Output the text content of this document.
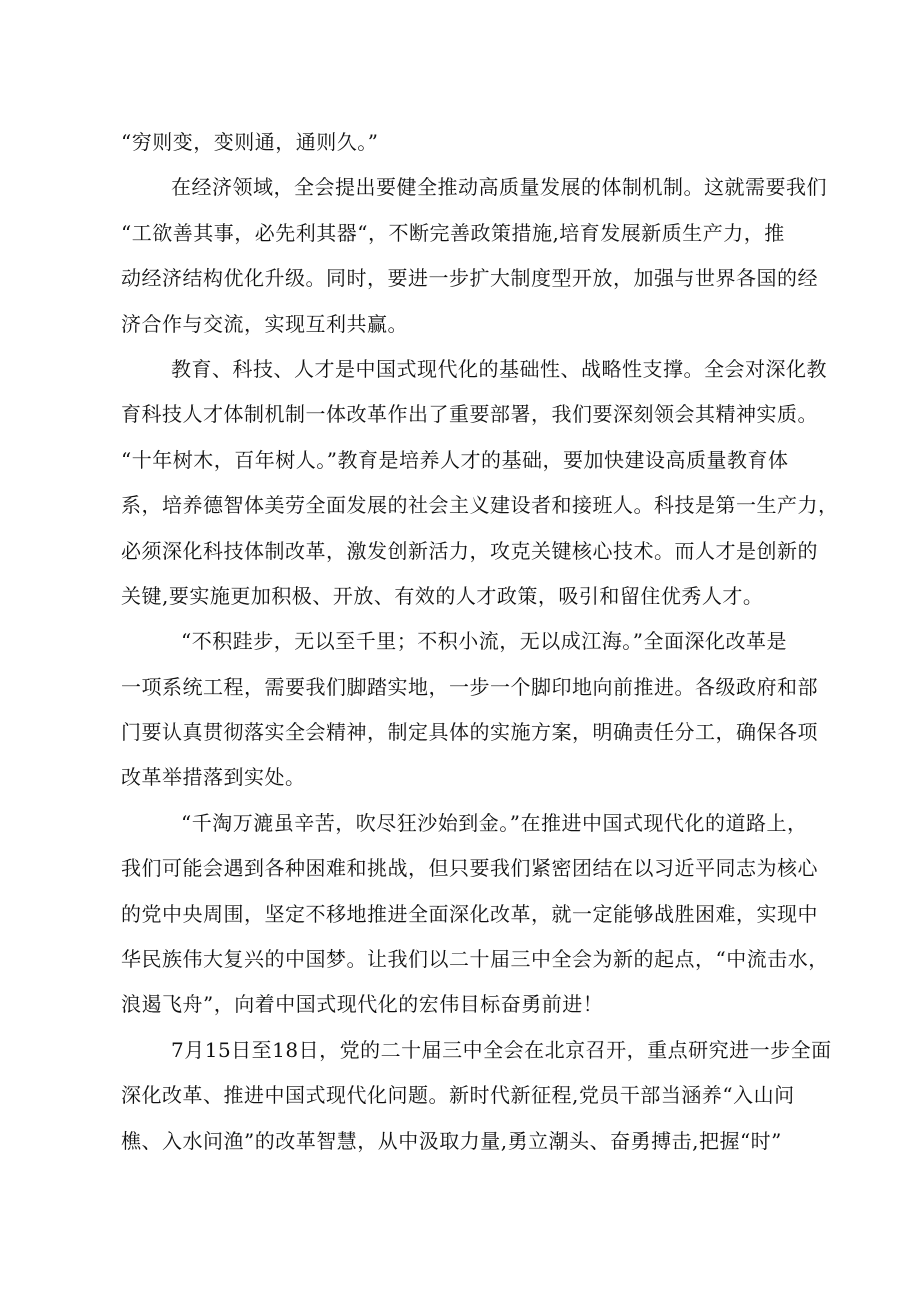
“穷则变，变则通，通则久。”
在经济领域，全会提出要健全推动高质量发展的体制机制。这就需要我们
“工欲善其事，必先利其器“，不断完善政策措施,培育发展新质生产力，推
动经济结构优化升级。同时，要进一步扩大制度型开放，加强与世界各国的经
济合作与交流，实现互利共赢。
教育、科技、人才是中国式现代化的基础性、战略性支撑。全会对深化教
育科技人才体制机制一体改革作出了重要部署，我们要深刻领会其精神实质。
“十年树木，百年树人。”教育是培养人才的基础，要加快建设高质量教育体
系，培养德智体美劳全面发展的社会主义建设者和接班人。科技是第一生产力，
必须深化科技体制改革，激发创新活力，攻克关键核心技术。而人才是创新的
关键,要实施更加积极、开放、有效的人才政策，吸引和留住优秀人才。
“不积跬步，无以至千里；不积小流，无以成江海。”全面深化改革是
一项系统工程，需要我们脚踏实地，一步一个脚印地向前推进。各级政府和部
门要认真贯彻落实全会精神，制定具体的实施方案，明确责任分工，确保各项
改革举措落到实处。
“千淘万漉虽辛苦，吹尽狂沙始到金。”在推进中国式现代化的道路上，
我们可能会遇到各种困难和挑战，但只要我们紧密团结在以习近平同志为核心
的党中央周围，坚定不移地推进全面深化改革，就一定能够战胜困难，实现中
华民族伟大复兴的中国梦。让我们以二十届三中全会为新的起点，“中流击水，
浪遏飞舟”，向着中国式现代化的宏伟目标奋勇前进！
7月15日至18日，党的二十届三中全会在北京召开，重点研究进一步全面
深化改革、推进中国式现代化问题。新时代新征程,党员干部当涵养“入山问
樵、入水问渔”的改革智慧，从中汲取力量,勇立潮头、奋勇搏击,把握“时”
